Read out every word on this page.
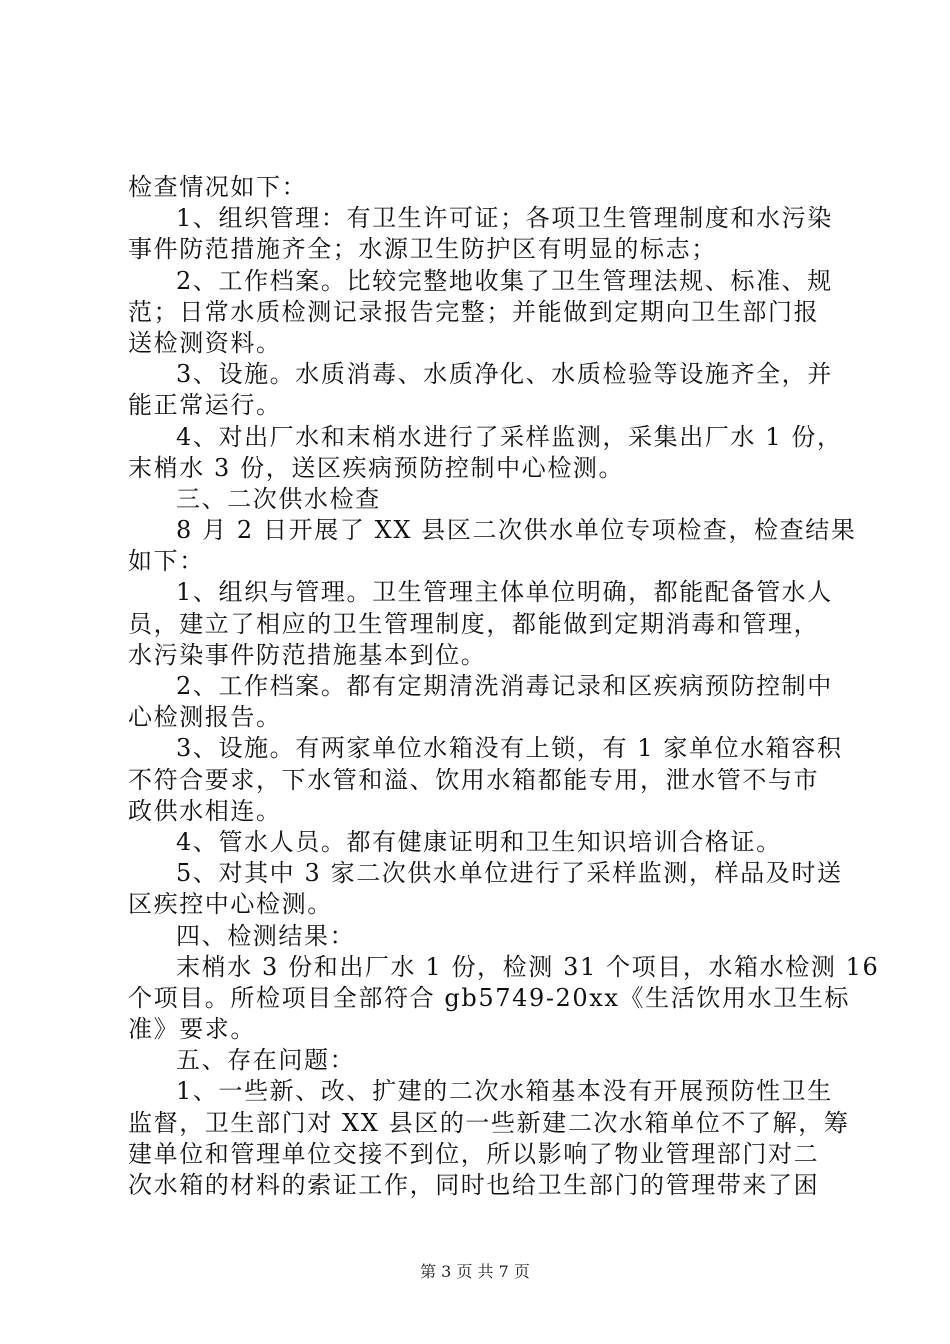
检查情况如下：
1、组织管理：有卫生许可证；各项卫生管理制度和水污染
事件防范措施齐全；水源卫生防护区有明显的标志；
2、工作档案。比较完整地收集了卫生管理法规、标准、规
范；日常水质检测记录报告完整；并能做到定期向卫生部门报
送检测资料。
3、设施。水质消毒、水质净化、水质检验等设施齐全，并
能正常运行。
4、对出厂水和末梢水进行了采样监测，采集出厂水 1 份，
末梢水 3 份，送区疾病预防控制中心检测。
三、二次供水检查
8 月 2 日开展了 XX 县区二次供水单位专项检查，检查结果
如下：
1、组织与管理。卫生管理主体单位明确，都能配备管水人
员，建立了相应的卫生管理制度，都能做到定期消毒和管理，
水污染事件防范措施基本到位。
2、工作档案。都有定期清洗消毒记录和区疾病预防控制中
心检测报告。
3、设施。有两家单位水箱没有上锁，有 1 家单位水箱容积
不符合要求，下水管和溢、饮用水箱都能专用，泄水管不与市
政供水相连。
4、管水人员。都有健康证明和卫生知识培训合格证。
5、对其中 3 家二次供水单位进行了采样监测，样品及时送
区疾控中心检测。
四、检测结果：
末梢水 3 份和出厂水 1 份，检测 31 个项目，水箱水检测 16
个项目。所检项目全部符合 gb5749-20xx《生活饮用水卫生标
准》要求。
五、存在问题：
1、一些新、改、扩建的二次水箱基本没有开展预防性卫生
监督，卫生部门对 XX 县区的一些新建二次水箱单位不了解，筹
建单位和管理单位交接不到位，所以影响了物业管理部门对二
次水箱的材料的索证工作，同时也给卫生部门的管理带来了困
第 3 页 共 7 页
